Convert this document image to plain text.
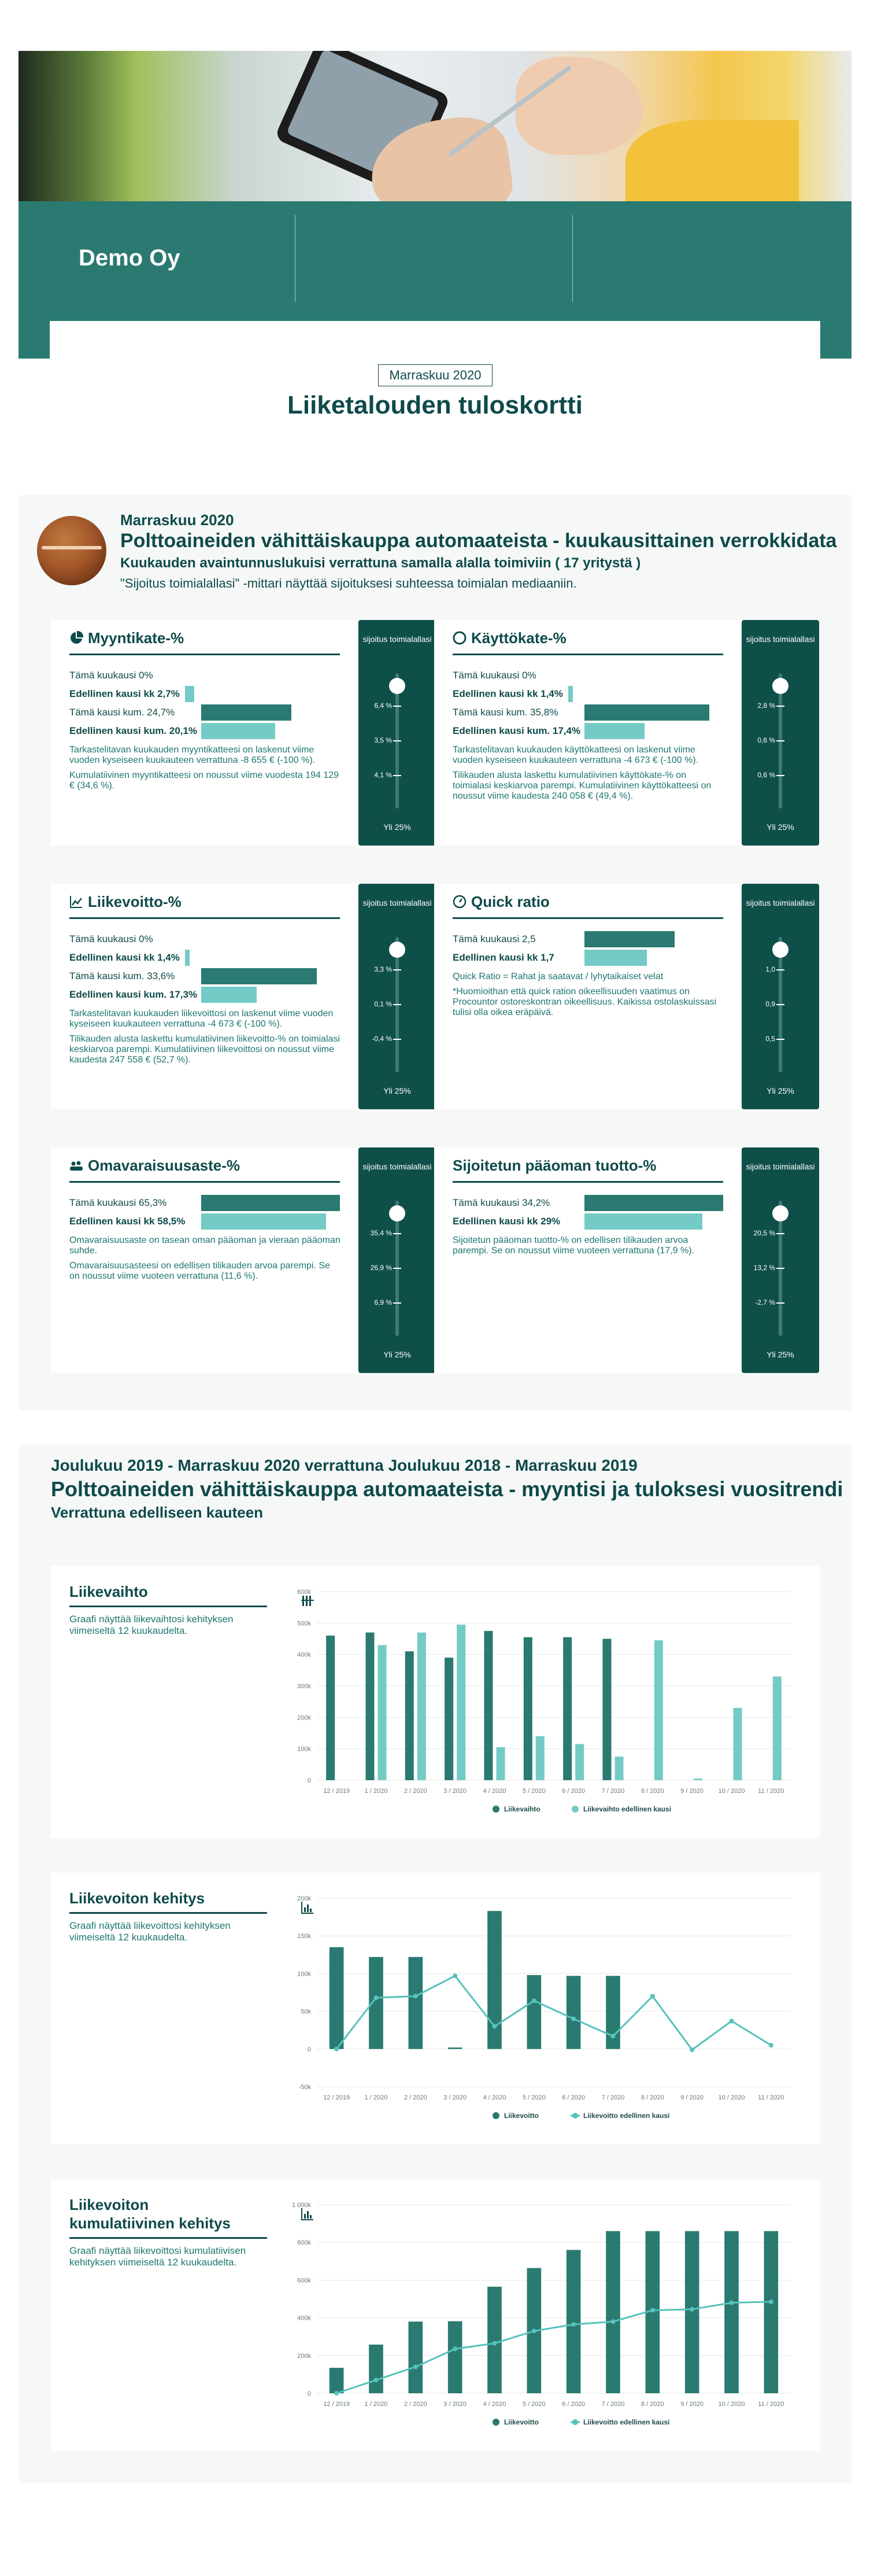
Demo Oy
Marraskuu 2020
Liiketalouden tuloskortti
Marraskuu 2020
Polttoaineiden vähittäiskauppa automaateista - kuukausittainen verrokkidata
Kuukauden avaintunnuslukuisi verrattuna samalla alalla toimiviin ( 17 yritystä )
"Sijoitus toimialallasi" -mittari näyttää sijoituksesi suhteessa toimialan mediaaniin.
Myyntikate-%
Tämä kuukausi 0%
Edellinen kausi kk 2,7%
Tämä kausi kum. 24,7%
Edellinen kausi kum. 20,1%
Tarkastelitavan kuukauden myyntikatteesi on laskenut viime vuoden kyseiseen kuukauteen verrattuna -8 655 € (-100 %).
Kumulatiivinen myyntikatteesi on noussut viime vuodesta 194 129 € (34,6 %).
sijoitus toimialallasi
6,4 %
3,5 %
4,1 %
Yli 25%
Käyttökate-%
Tämä kuukausi 0%
Edellinen kausi kk 1,4%
Tämä kausi kum. 35,8%
Edellinen kausi kum. 17,4%
Tarkastelitavan kuukauden käyttökatteesi on laskenut viime vuoden kyseiseen kuukauteen verrattuna -4 673 € (-100 %).
Tilikauden alusta laskettu kumulatiivinen käyttökate-% on toimialasi keskiarvoa parempi. Kumulatiivinen käyttökatteesi on noussut viime kaudesta 240 058 € (49,4 %).
sijoitus toimialallasi
2,8 %
0,6 %
0,6 %
Yli 25%
Liikevoitto-%
Tämä kuukausi 0%
Edellinen kausi kk 1,4%
Tämä kausi kum. 33,6%
Edellinen kausi kum. 17,3%
Tarkastelitavan kuukauden liikevoittosi on laskenut viime vuoden kyseiseen kuukauteen verrattuna -4 673 € (-100 %).
Tilikauden alusta laskettu kumulatiivinen liikevoitto-% on toimialasi keskiarvoa parempi. Kumulatiivinen liikevoittosi on noussut viime kaudesta 247 558 € (52,7 %).
sijoitus toimialallasi
3,3 %
0,1 %
-0,4 %
Yli 25%
Quick ratio
Tämä kuukausi 2,5
Edellinen kausi kk 1,7
Quick Ratio = Rahat ja saatavat / lyhytaikaiset velat
*Huomioithan että quick ration oikeellisuuden vaatimus on Procountor ostoreskontran oikeellisuus. Kaikissa ostolaskuissasi tulisi olla oikea eräpäivä.
sijoitus toimialallasi
1,0
0,9
0,5
Yli 25%
Omavaraisuusaste-%
Tämä kuukausi 65,3%
Edellinen kausi kk 58,5%
Omavaraisuusaste on tasean oman pääoman ja vieraan pääoman suhde.
Omavaraisuusasteesi on edellisen tilikauden arvoa parempi. Se on noussut viime vuoteen verrattuna (11,6 %).
sijoitus toimialallasi
35,4 %
26,9 %
6,9 %
Yli 25%
Sijoitetun pääoman tuotto-%
Tämä kuukausi 34,2%
Edellinen kausi kk 29%
Sijoitetun pääoman tuotto-% on edellisen tilikauden arvoa parempi. Se on noussut viime vuoteen verrattuna (17,9 %).
sijoitus toimialallasi
20,5 %
13,2 %
-2,7 %
Yli 25%
Joulukuu 2019 - Marraskuu 2020 verrattuna Joulukuu 2018 - Marraskuu 2019
Polttoaineiden vähittäiskauppa automaateista - myyntisi ja tuloksesi vuositrendi
Verrattuna edelliseen kauteen
Liikevaihto
Graafi näyttää liikevaihtosi kehityksen viimeiseltä 12 kuukaudelta.
600k
500k
400k
300k
200k
100k
0
12 / 2019 1 / 2020	2 / 2020	3 / 2020	4 / 2020	5 / 2020	6 / 2020	7 / 2020	8 / 2020	9 / 2020 10 / 2020 11 / 2020
Liikevaihto	Liikevaihto edellinen kausi
Liikevoiton kehitys
Graafi näyttää liikevoittosi kehityksen viimeiseltä 12 kuukaudelta.
200k
150k
100k
50k
0
-50k
12 / 2019 1 / 2020	2 / 2020	3 / 2020	4 / 2020	5 / 2020	6 / 2020	7 / 2020	8 / 2020	9 / 2020 10 / 2020 11 / 2020
Liikevoitto	Liikevoitto edellinen kausi
Liikevoiton kumulatiivinen kehitys
Graafi näyttää liikevoittosi kumulatiivisen kehityksen viimeiseltä 12 kuukaudelta.
1 000k
800k
600k
400k
200k
0
12 / 2019 1 / 2020	2 / 2020	3 / 2020	4 / 2020	5 / 2020	6 / 2020	7 / 2020	8 / 2020	9 / 2020 10 / 2020 11 / 2020
Liikevoitto	Liikevoitto edellinen kausi
